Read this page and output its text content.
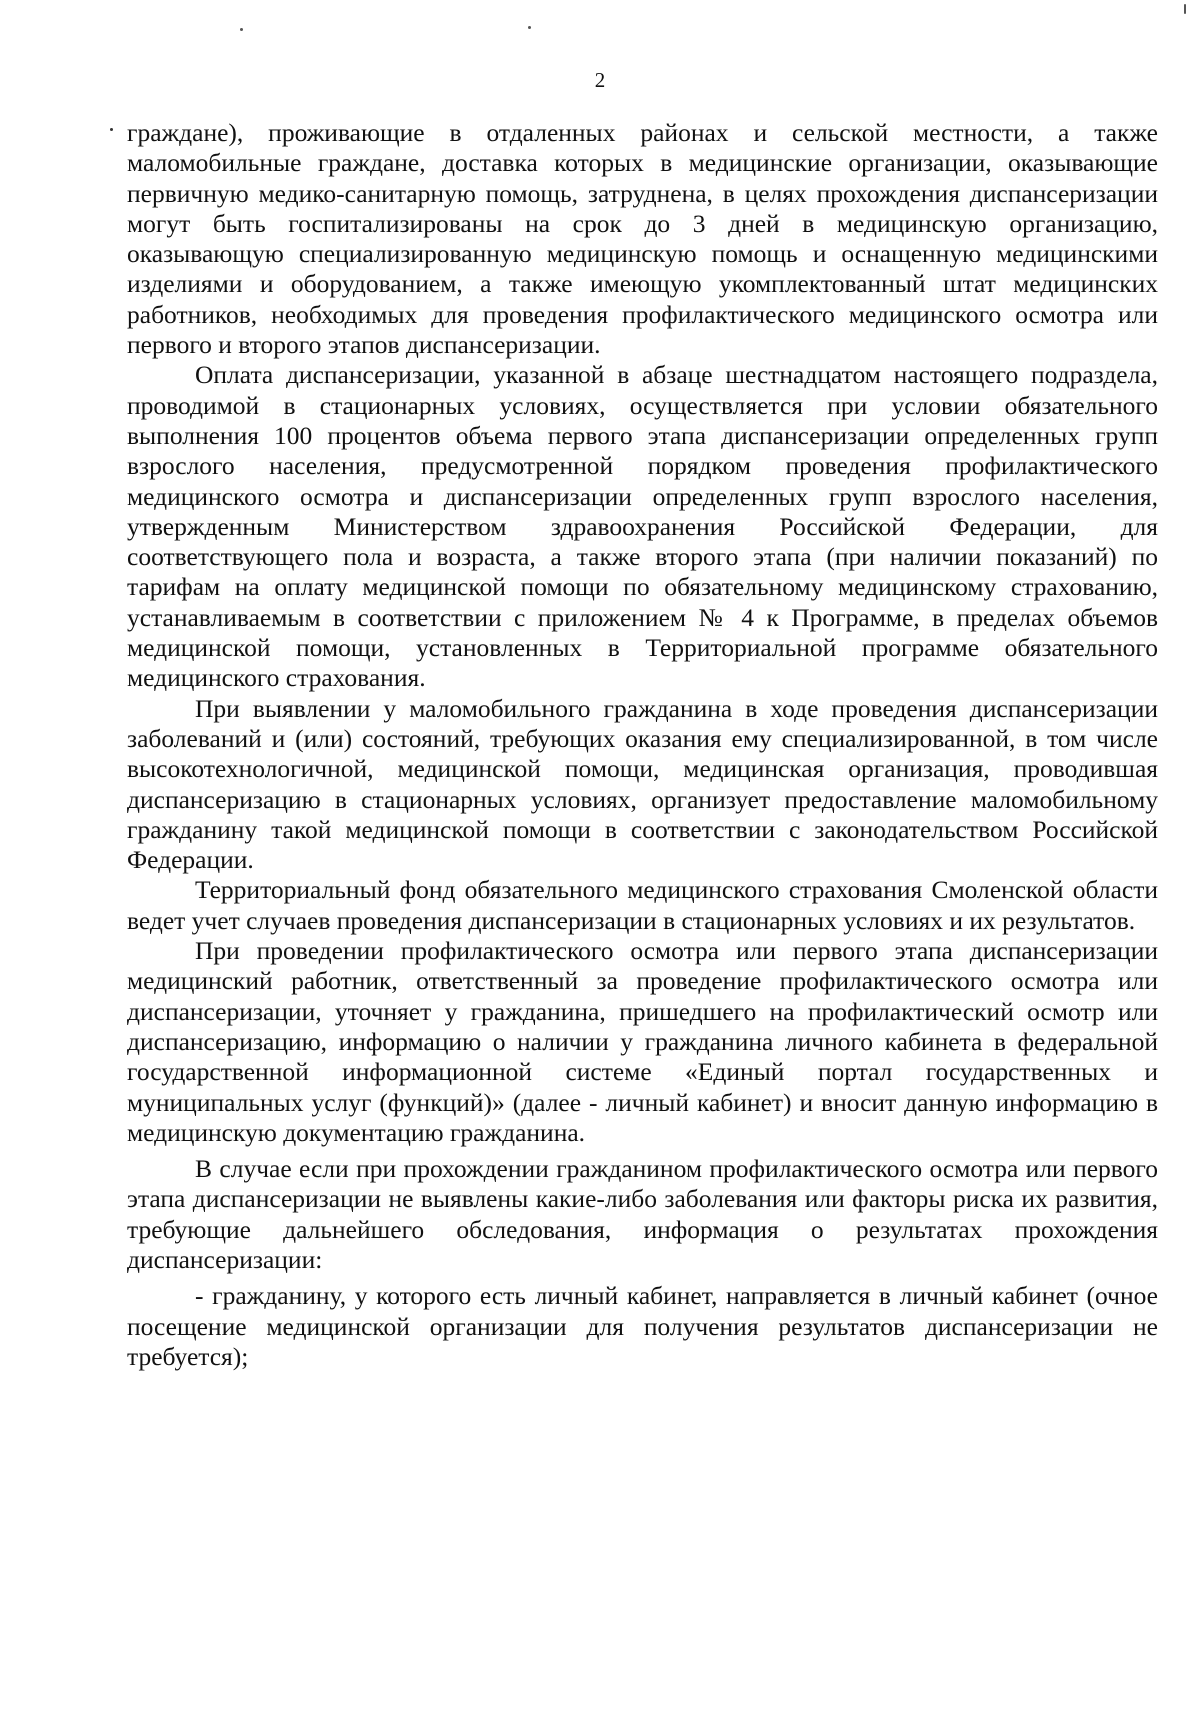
2

граждане), проживающие в отдаленных районах и сельской местности, а также маломобильные граждане, доставка которых в медицинские организации, оказывающие первичную медико-санитарную помощь, затруднена, в целях прохождения диспансеризации могут быть госпитализированы на срок до 3 дней в медицинскую организацию, оказывающую специализированную медицинскую помощь и оснащенную медицинскими изделиями и оборудованием, а также имеющую укомплектованный штат медицинских работников, необходимых для проведения профилактического медицинского осмотра или первого и второго этапов диспансеризации.

Оплата диспансеризации, указанной в абзаце шестнадцатом настоящего подраздела, проводимой в стационарных условиях, осуществляется при условии обязательного выполнения 100 процентов объема первого этапа диспансеризации определенных групп взрослого населения, предусмотренной порядком проведения профилактического медицинского осмотра и диспансеризации определенных групп взрослого населения, утвержденным Министерством здравоохранения Российской Федерации, для соответствующего пола и возраста, а также второго этапа (при наличии показаний) по тарифам на оплату медицинской помощи по обязательному медицинскому страхованию, устанавливаемым в соответствии с приложением № 4 к Программе, в пределах объемов медицинской помощи, установленных в Территориальной программе обязательного медицинского страхования.

При выявлении у маломобильного гражданина в ходе проведения диспансеризации заболеваний и (или) состояний, требующих оказания ему специализированной, в том числе высокотехнологичной, медицинской помощи, медицинская организация, проводившая диспансеризацию в стационарных условиях, организует предоставление маломобильному гражданину такой медицинской помощи в соответствии с законодательством Российской Федерации.

Территориальный фонд обязательного медицинского страхования Смоленской области ведет учет случаев проведения диспансеризации в стационарных условиях и их результатов.

При проведении профилактического осмотра или первого этапа диспансеризации медицинский работник, ответственный за проведение профилактического осмотра или диспансеризации, уточняет у гражданина, пришедшего на профилактический осмотр или диспансеризацию, информацию о наличии у гражданина личного кабинета в федеральной государственной информационной системе «Единый портал государственных и муниципальных услуг (функций)» (далее - личный кабинет) и вносит данную информацию в медицинскую документацию гражданина.

В случае если при прохождении гражданином профилактического осмотра или первого этапа диспансеризации не выявлены какие-либо заболевания или факторы риска их развития, требующие дальнейшего обследования, информация о результатах прохождения диспансеризации:

- гражданину, у которого есть личный кабинет, направляется в личный кабинет (очное посещение медицинской организации для получения результатов диспансеризации не требуется);
